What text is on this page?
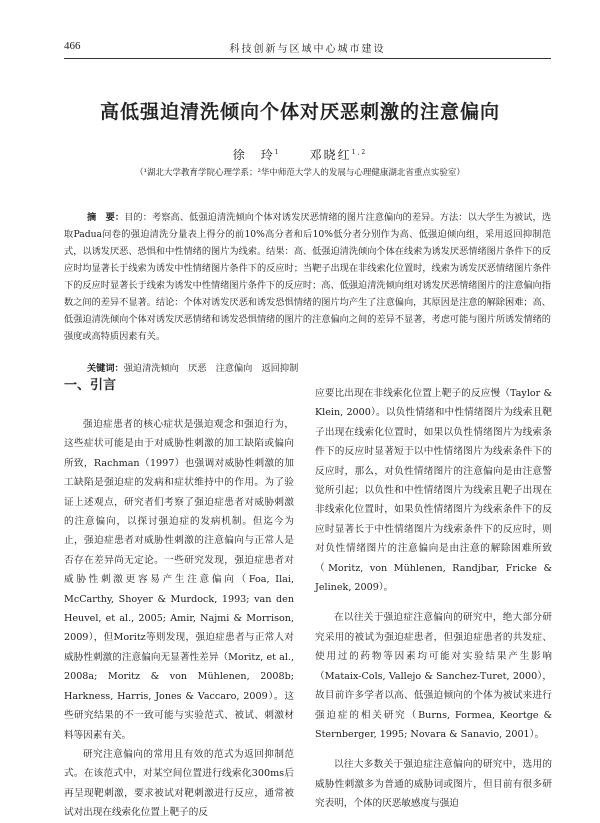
466	科技创新与区域中心城市建设
高低强迫清洗倾向个体对厌恶刺激的注意偏向
徐　玲$^1$ 邓晓红$^{1,2}$
（¹湖北大学教育学院心理学系；²华中师范大学人的发展与心理健康湖北省重点实验室）

摘　要：目的：考察高、低强迫清洗倾向个体对诱发厌恶情绪的图片注意偏向的差异。方法：以大学生为被试，选取Padua问卷的强迫清洗分量表上得分的前10%高分者和后10%低分者分别作为高、低强迫倾向组，采用返回抑制范式，以诱发厌恶、恐惧和中性情绪的图片为线索。结果：高、低强迫清洗倾向个体在线索为诱发厌恶情绪图片条件下的反应时均显著长于线索为诱发中性情绪图片条件下的反应时；当靶子出现在非线索化位置时，线索为诱发厌恶情绪图片条件下的反应时显著长于线索为诱发中性情绪图片条件下的反应时；高、低强迫清洗倾向组对诱发厌恶情绪图片的注意偏向指数之间的差异不显著。结论：个体对诱发厌恶和诱发恐惧情绪的图片均产生了注意偏向，其原因是注意的解除困难；高、低强迫清洗倾向个体对诱发厌恶情绪和诱发恐惧情绪的图片的注意偏向之间的差异不显著，考虑可能与图片所诱发情绪的强度或高特质因素有关。

关键词：强迫清洗倾向　厌恶　注意偏向　返回抑制
一、引言

强迫症患者的核心症状是强迫观念和强迫行为，这些症状可能是由于对威胁性刺激的加工缺陷或偏向所致，Rachman（1997）也强调对威胁性刺激的加工缺陷是强迫症的发病和症状维持中的作用。为了验证上述观点，研究者们考察了强迫症患者对威胁刺激的注意偏向，以探讨强迫症的发病机制。但迄今为止，强迫症患者对威胁性刺激的注意偏向与正常人是否存在差异尚无定论。一些研究发现，强迫症患者对威胁性刺激更容易产生注意偏向（Foa, Ilai, McCarthy, Shoyer & Murdock, 1993; van den Heuvel, et al., 2005; Amir, Najmi & Morrison, 2009），但Moritz等则发现，强迫症患者与正常人对威胁性刺激的注意偏向无显著性差异（Moritz, et al., 2008a; Moritz & von Mühlenen, 2008b; Harkness, Harris, Jones & Vaccaro, 2009）。这些研究结果的不一致可能与实验范式、被试、刺激材料等因素有关。

研究注意偏向的常用且有效的范式为返回抑制范式。在该范式中，对某空间位置进行线索化300ms后再呈现靶刺激，要求被试对靶刺激进行反应，通常被试对出现在线索化位置上靶子的反

应要比出现在非线索化位置上靶子的反应慢（Taylor & Klein, 2000）。以负性情绪和中性情绪图片为线索且靶子出现在线索化位置时，如果以负性情绪图片为线索条件下的反应时显著短于以中性情绪图片为线索条件下的反应时，那么，对负性情绪图片的注意偏向是由注意警觉所引起；以负性和中性情绪图片为线索且靶子出现在非线索化位置时，如果负性情绪图片为线索条件下的反应时显著长于中性情绪图片为线索条件下的反应时，则对负性情绪图片的注意偏向是由注意的解除困难所致（Moritz, von Mühlenen, Randjbar, Fricke & Jelinek, 2009）。

在以往关于强迫症注意偏向的研究中，绝大部分研究采用的被试为强迫症患者，但强迫症患者的共发症、使用过的药物等因素均可能对实验结果产生影响（Mataix-Cols, Vallejo & Sanchez-Turet, 2000），故目前许多学者以高、低强迫倾向的个体为被试来进行强迫症的相关研究（Burns, Formea, Keortge & Sternberger, 1995; Novara & Sanavio, 2001）。

以往大多数关于强迫症注意偏向的研究中，选用的威胁性刺激多为普通的威胁词或图片，但目前有很多研究表明，个体的厌恶敏感度与强迫
